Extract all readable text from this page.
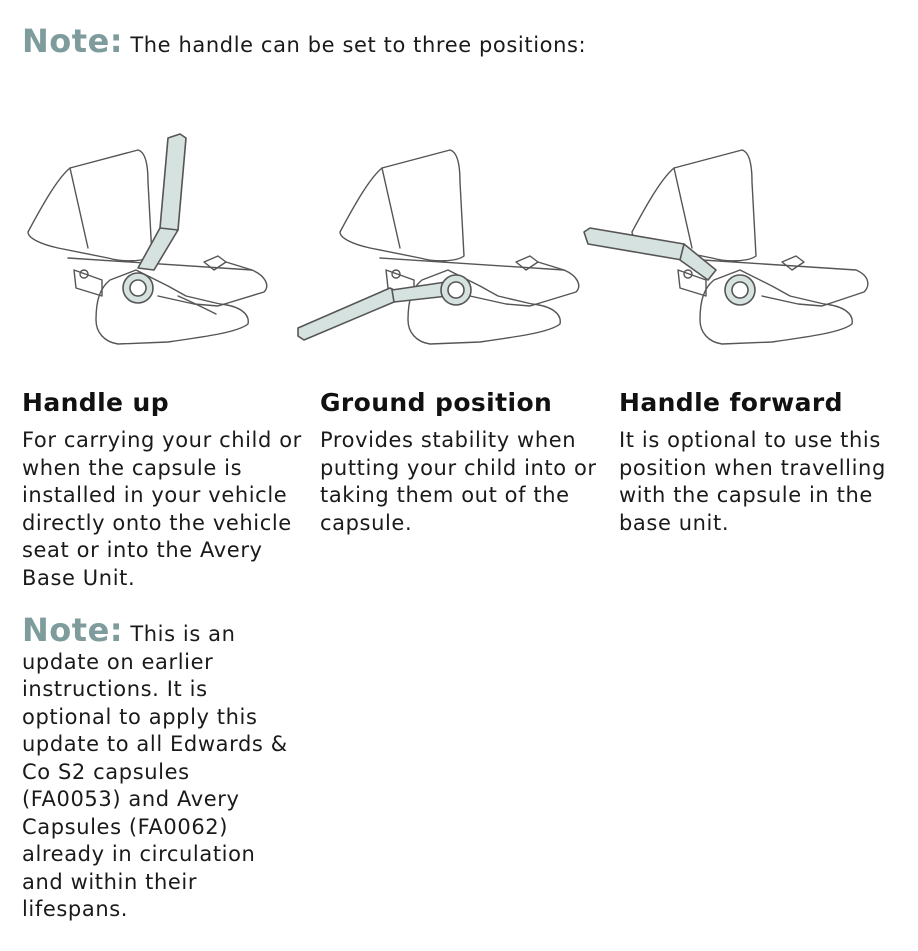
Note: The handle can be set to three positions:
Handle up

For carrying your child or when the capsule is installed in your vehicle directly onto the vehicle seat or into the Avery Base Unit.

Ground position

Provides stability when putting your child into or taking them out of the capsule.

Handle forward

It is optional to use this position when travelling with the capsule in the base unit.

Note: This is an update on earlier instructions. It is optional to apply this update to all Edwards & Co S2 capsules (FA0053) and Avery Capsules (FA0062) already in circulation and within their lifespans.
